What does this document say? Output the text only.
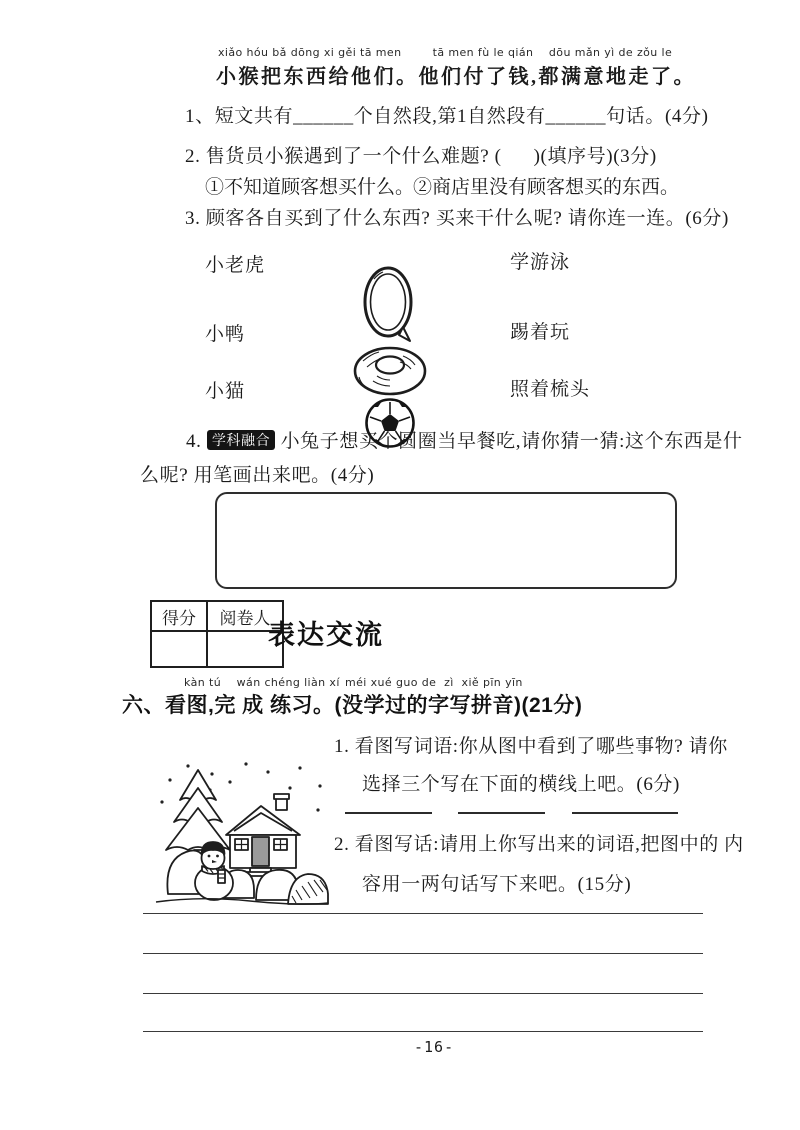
xiǎo hóu bǎ dōng xi gěi tā men        tā men fù le qián    dōu mǎn yì de zǒu le
小猴把东西给他们。他们付了钱,都满意地走了。
1、短文共有______个自然段,第1自然段有______句话。(4分)
2. 售货员小猴遇到了一个什么难题? (      )(填序号)(3分)
①不知道顾客想买什么。
②商店里没有顾客想买的东西。
3. 顾客各自买到了什么东西? 买来干什么呢? 请你连一连。(6分)
小老虎
小鸭
小猫

学游泳
踢着玩
照着梳头
4. 学科融合 小兔子想买个圆圈当早餐吃,请你猜一猜:这个东西是什
么呢? 用笔画出来吧。(4分)
得分	阅卷人

表达交流
kàn tú    wán chéng liàn xí méi xué guo de  zì  xiě pīn yīn
六、看图,完 成 练习。(没学过的字写拼音)(21分)

1. 看图写词语:你从图中看到了哪些事物? 请你
选择三个写在下面的横线上吧。(6分)
2. 看图写话:请用上你写出来的词语,把图中的 内
容用一两句话写下来吧。(15分)
-16-
